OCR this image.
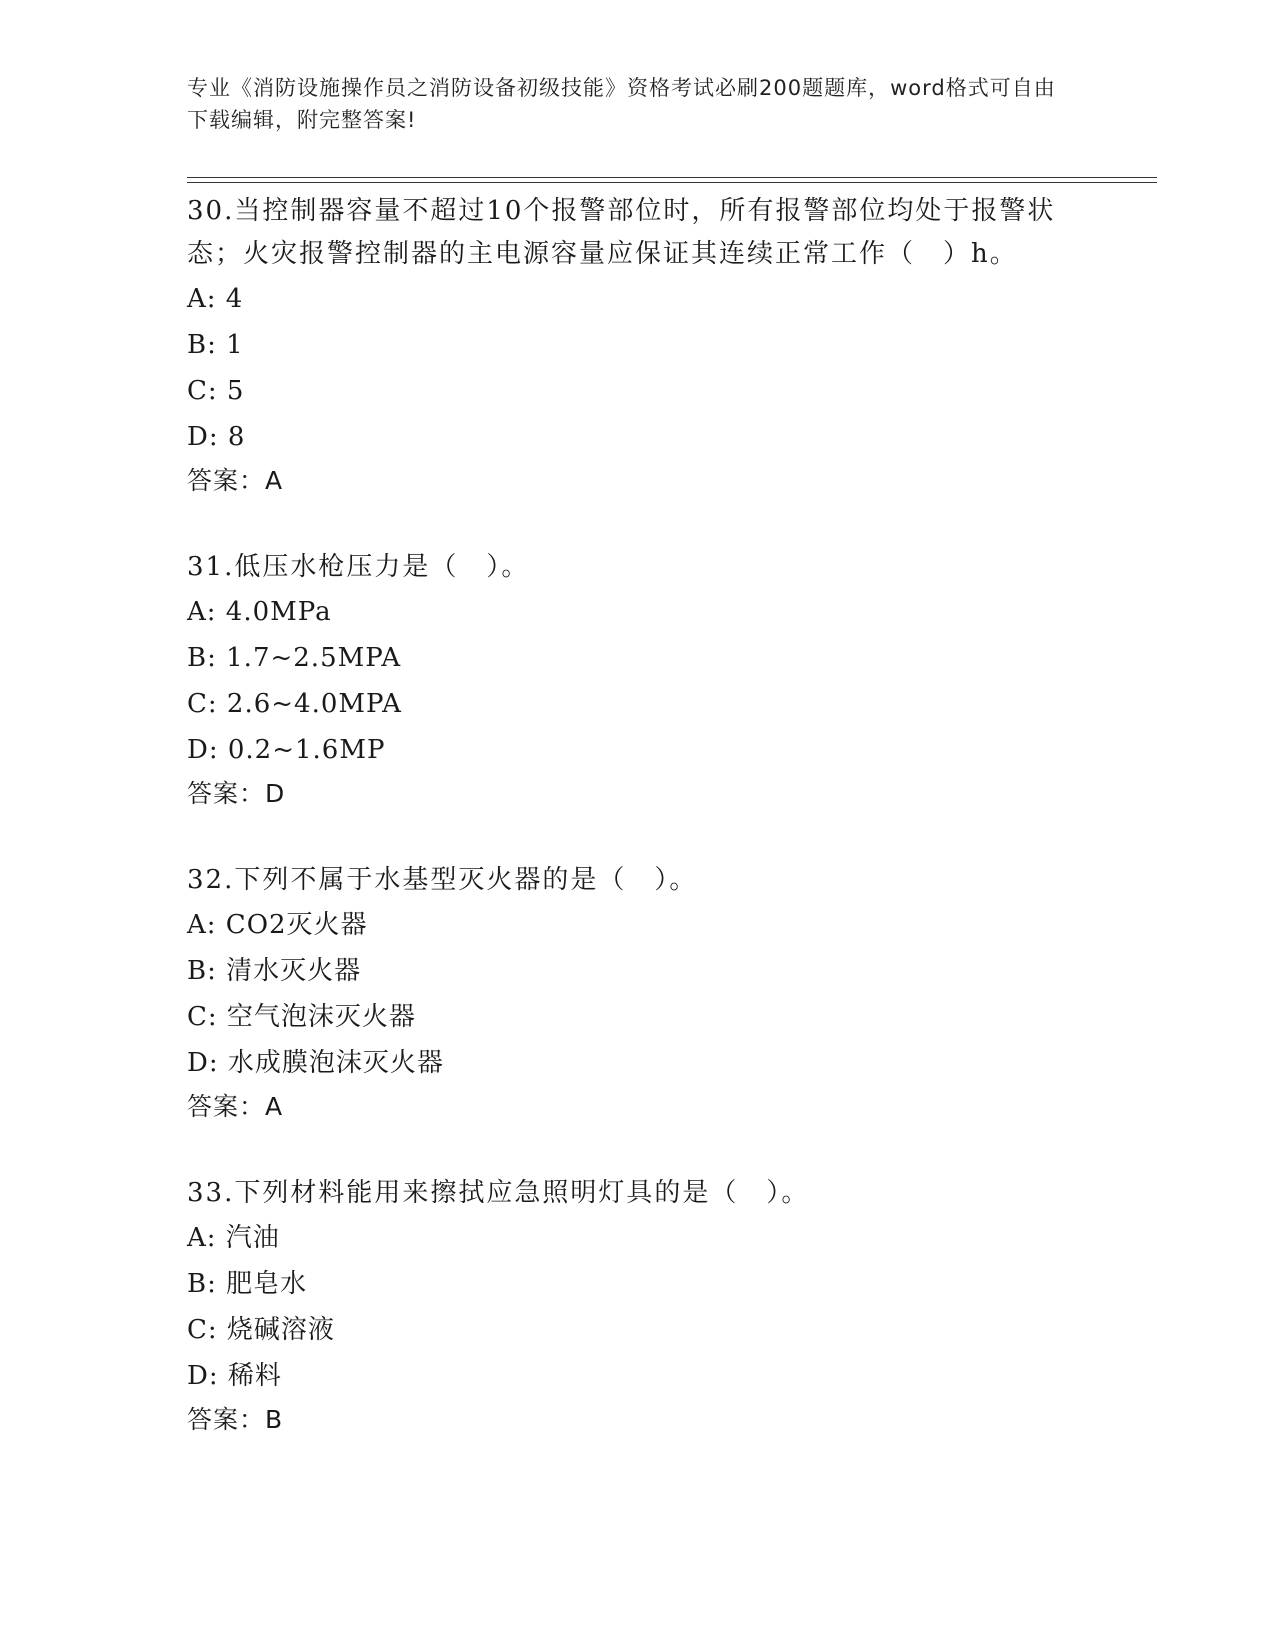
专业《消防设施操作员之消防设备初级技能》资格考试必刷200题题库，word格式可自由下载编辑，附完整答案!

30.当控制器容量不超过10个报警部位时，所有报警部位均处于报警状态；火灾报警控制器的主电源容量应保证其连续正常工作（　）h。

A: 4

B: 1

C: 5

D: 8

答案：A

31.低压水枪压力是（　）。

A: 4.0MPa

B: 1.7~2.5MPA

C: 2.6~4.0MPA

D: 0.2~1.6MP

答案：D

32.下列不属于水基型灭火器的是（　）。

A: CO2灭火器

B: 清水灭火器

C: 空气泡沫灭火器

D: 水成膜泡沫灭火器

答案：A

33.下列材料能用来擦拭应急照明灯具的是（　）。

A: 汽油

B: 肥皂水

C: 烧碱溶液

D: 稀料

答案：B
